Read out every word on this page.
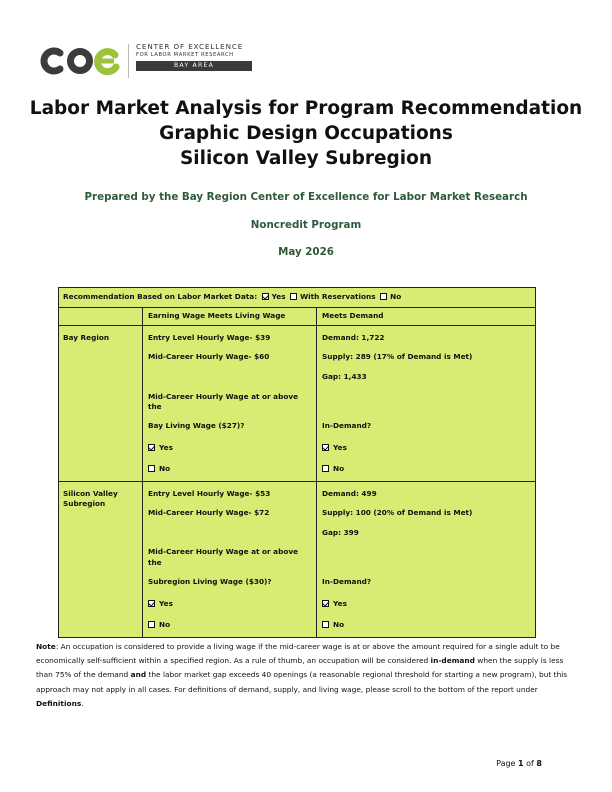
CENTER OF EXCELLENCE
FOR LABOR MARKET RESEARCH
BAY AREA
Labor Market Analysis for Program Recommendation
Graphic Design Occupations
Silicon Valley Subregion
Prepared by the Bay Region Center of Excellence for Labor Market Research
Noncredit Program
May 2026
Recommendation Based on Labor Market Data: Yes With Reservations No
Earning Wage Meets Living Wage	Meets Demand
Bay Region	Entry Level Hourly Wage- $39
Mid-Career Hourly Wage- $60
Mid-Career Hourly Wage at or above
the
Bay Living Wage ($27)?
Yes
No
Demand: 1,722
Supply: 289 (17% of Demand is Met)
Gap: 1,433
In-Demand?
Yes
No
Silicon Valley
Subregion
Entry Level Hourly Wage- $53
Mid-Career Hourly Wage- $72
Mid-Career Hourly Wage at or above
the
Subregion Living Wage ($30)?
Yes
No
Demand: 499
Supply: 100 (20% of Demand is Met)
Gap: 399
In-Demand?
Yes
No
Note: An occupation is considered to provide a living wage if the mid-career wage is at or above the amount required for a single adult to be economically self-sufficient within a specified region. As a rule of thumb, an occupation will be considered in-demand when the supply is less than 75% of the demand and the labor market gap exceeds 40 openings (a reasonable regional threshold for starting a new program), but this approach may not apply in all cases. For definitions of demand, supply, and living wage, please scroll to the bottom of the report under Definitions.
Page 1 of 8
